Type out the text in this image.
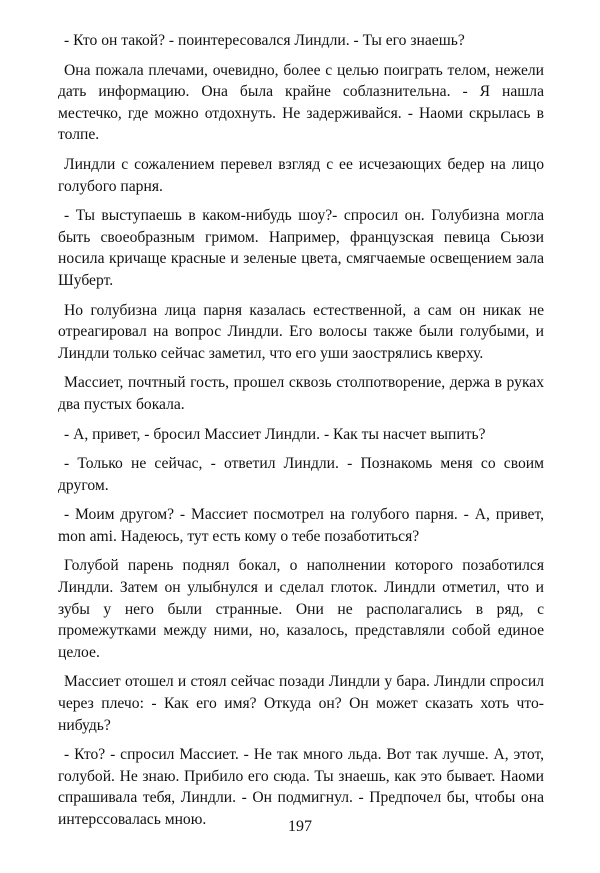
- Кто он такой? - поинтересовался Линдли. - Ты его знаешь?

Она пожала плечами, очевидно, более с целью поиграть телом, нежели дать информацию. Она была крайне соблазнительна. - Я нашла местечко, где можно отдохнуть. Не задерживайся. - Наоми скрылась в толпе.

Линдли с сожалением перевел взгляд с ее исчезающих бедер на лицо голубого парня.

- Ты выступаешь в каком-нибудь шоу?- спросил он. Голубизна могла быть своеобразным гримом. Например, французская певица Сьюзи носила кричаще красные и зеленые цвета, смягчаемые освещением зала Шуберт.

Но голубизна лица парня казалась естественной, а сам он никак не отреагировал на вопрос Линдли. Его волосы также были голубыми, и Линдли только сейчас заметил, что его уши заострялись кверху.

Массиет, почтный гость, прошел сквозь столпотворение, держа в руках два пустых бокала.

- А, привет, - бросил Массиет Линдли. - Как ты насчет выпить?

- Только не сейчас, - ответил Линдли. - Познакомь меня со своим другом.

- Моим другом? - Массиет посмотрел на голубого парня. - А, привет, mon ami. Надеюсь, тут есть кому о тебе позаботиться?

Голубой парень поднял бокал, о наполнении которого позаботился Линдли. Затем он улыбнулся и сделал глоток. Линдли отметил, что и зубы у него были странные. Они не располагались в ряд, с промежутками между ними, но, казалось, представляли собой единое целое.

Массиет отошел и стоял сейчас позади Линдли у бара. Линдли спросил через плечо: - Как его имя? Откуда он? Он может сказать хоть что-нибудь?

- Кто? - спросил Массиет. - Не так много льда. Вот так лучше. А, этот, голубой. Не знаю. Прибило его сюда. Ты знаешь, как это бывает. Наоми спрашивала тебя, Линдли. - Он подмигнул. - Предпочел бы, чтобы она интерссовалась мною.	197
